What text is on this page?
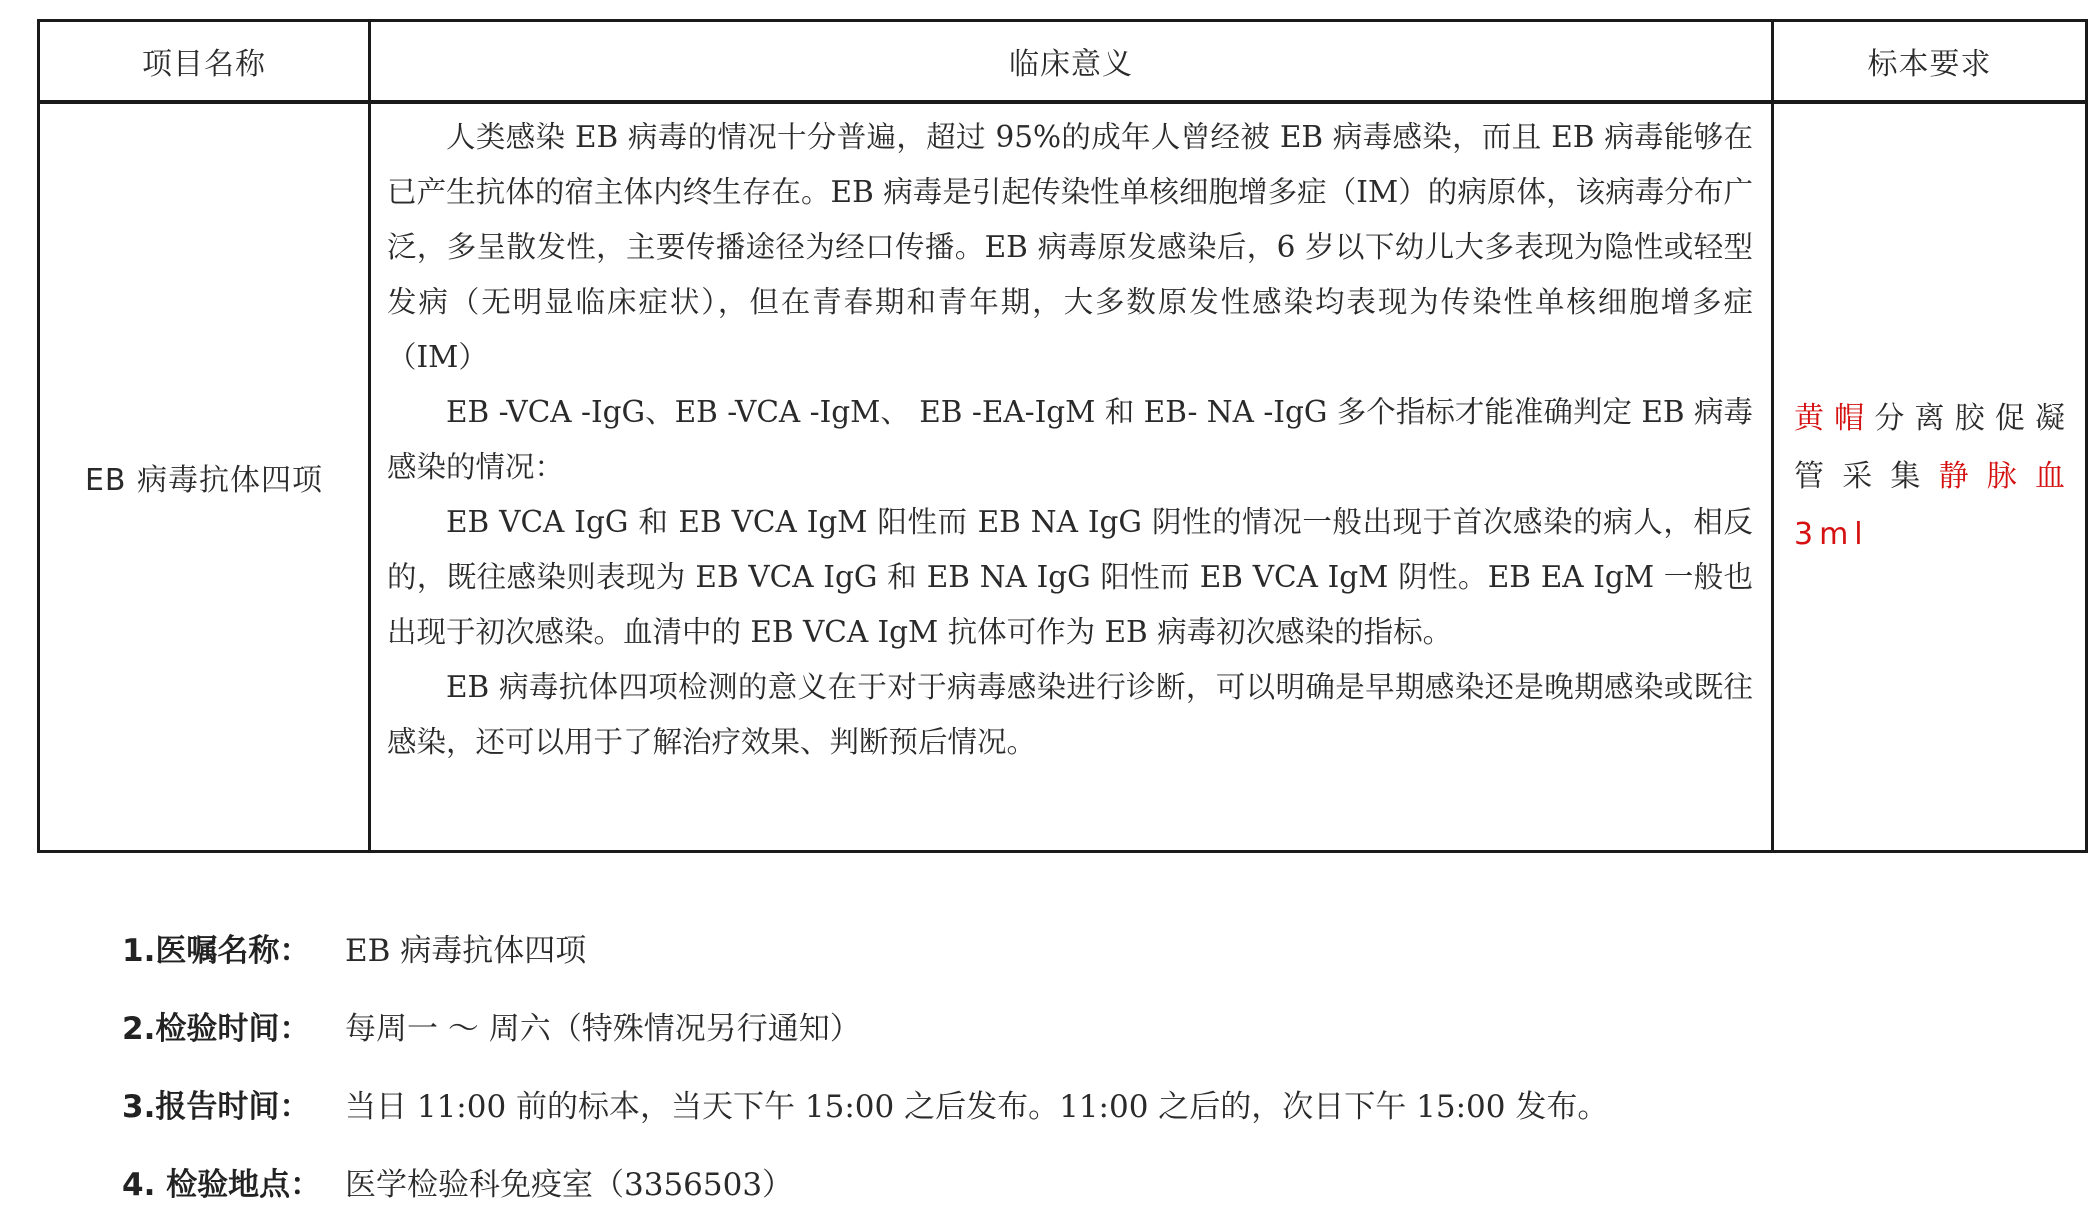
项目名称	临床意义	标本要求
EB 病毒抗体四项	人类感染 EB 病毒的情况十分普遍，超过 95%的成年人曾经被 EB 病毒感染，而且 EB 病毒能够在已产生抗体的宿主体内终生存在。EB 病毒是引起传染性单核细胞增多症（IM）的病原体，该病毒分布广泛，多呈散发性，主要传播途径为经口传播。EB 病毒原发感染后，6 岁以下幼儿大多表现为隐性或轻型发病（无明显临床症状），但在青春期和青年期，大多数原发性感染均表现为传染性单核细胞增多症（IM）

EB -VCA -IgG、EB -VCA -IgM、 EB -EA-IgM 和 EB- NA -IgG 多个指标才能准确判定 EB 病毒感染的情况：

EB VCA IgG 和 EB VCA IgM 阳性而 EB NA IgG 阴性的情况一般出现于首次感染的病人，相反的，既往感染则表现为 EB VCA IgG 和 EB NA IgG 阳性而 EB VCA IgM 阴性。EB EA IgM 一般也出现于初次感染。血清中的 EB VCA IgM 抗体可作为 EB 病毒初次感染的指标。

EB 病毒抗体四项检测的意义在于对于病毒感染进行诊断，可以明确是早期感染还是晚期感染或既往感染，还可以用于了解治疗效果、判断预后情况。	黄帽分离胶促凝管采集静脉血 3ml
1.医嘱名称：	EB 病毒抗体四项
2.检验时间：	每周一 ～ 周六（特殊情况另行通知）
3.报告时间：	当日 11:00 前的标本，当天下午 15:00 之后发布。11:00 之后的，次日下午 15:00 发布。
4. 检验地点： 医学检验科免疫室（3356503）
